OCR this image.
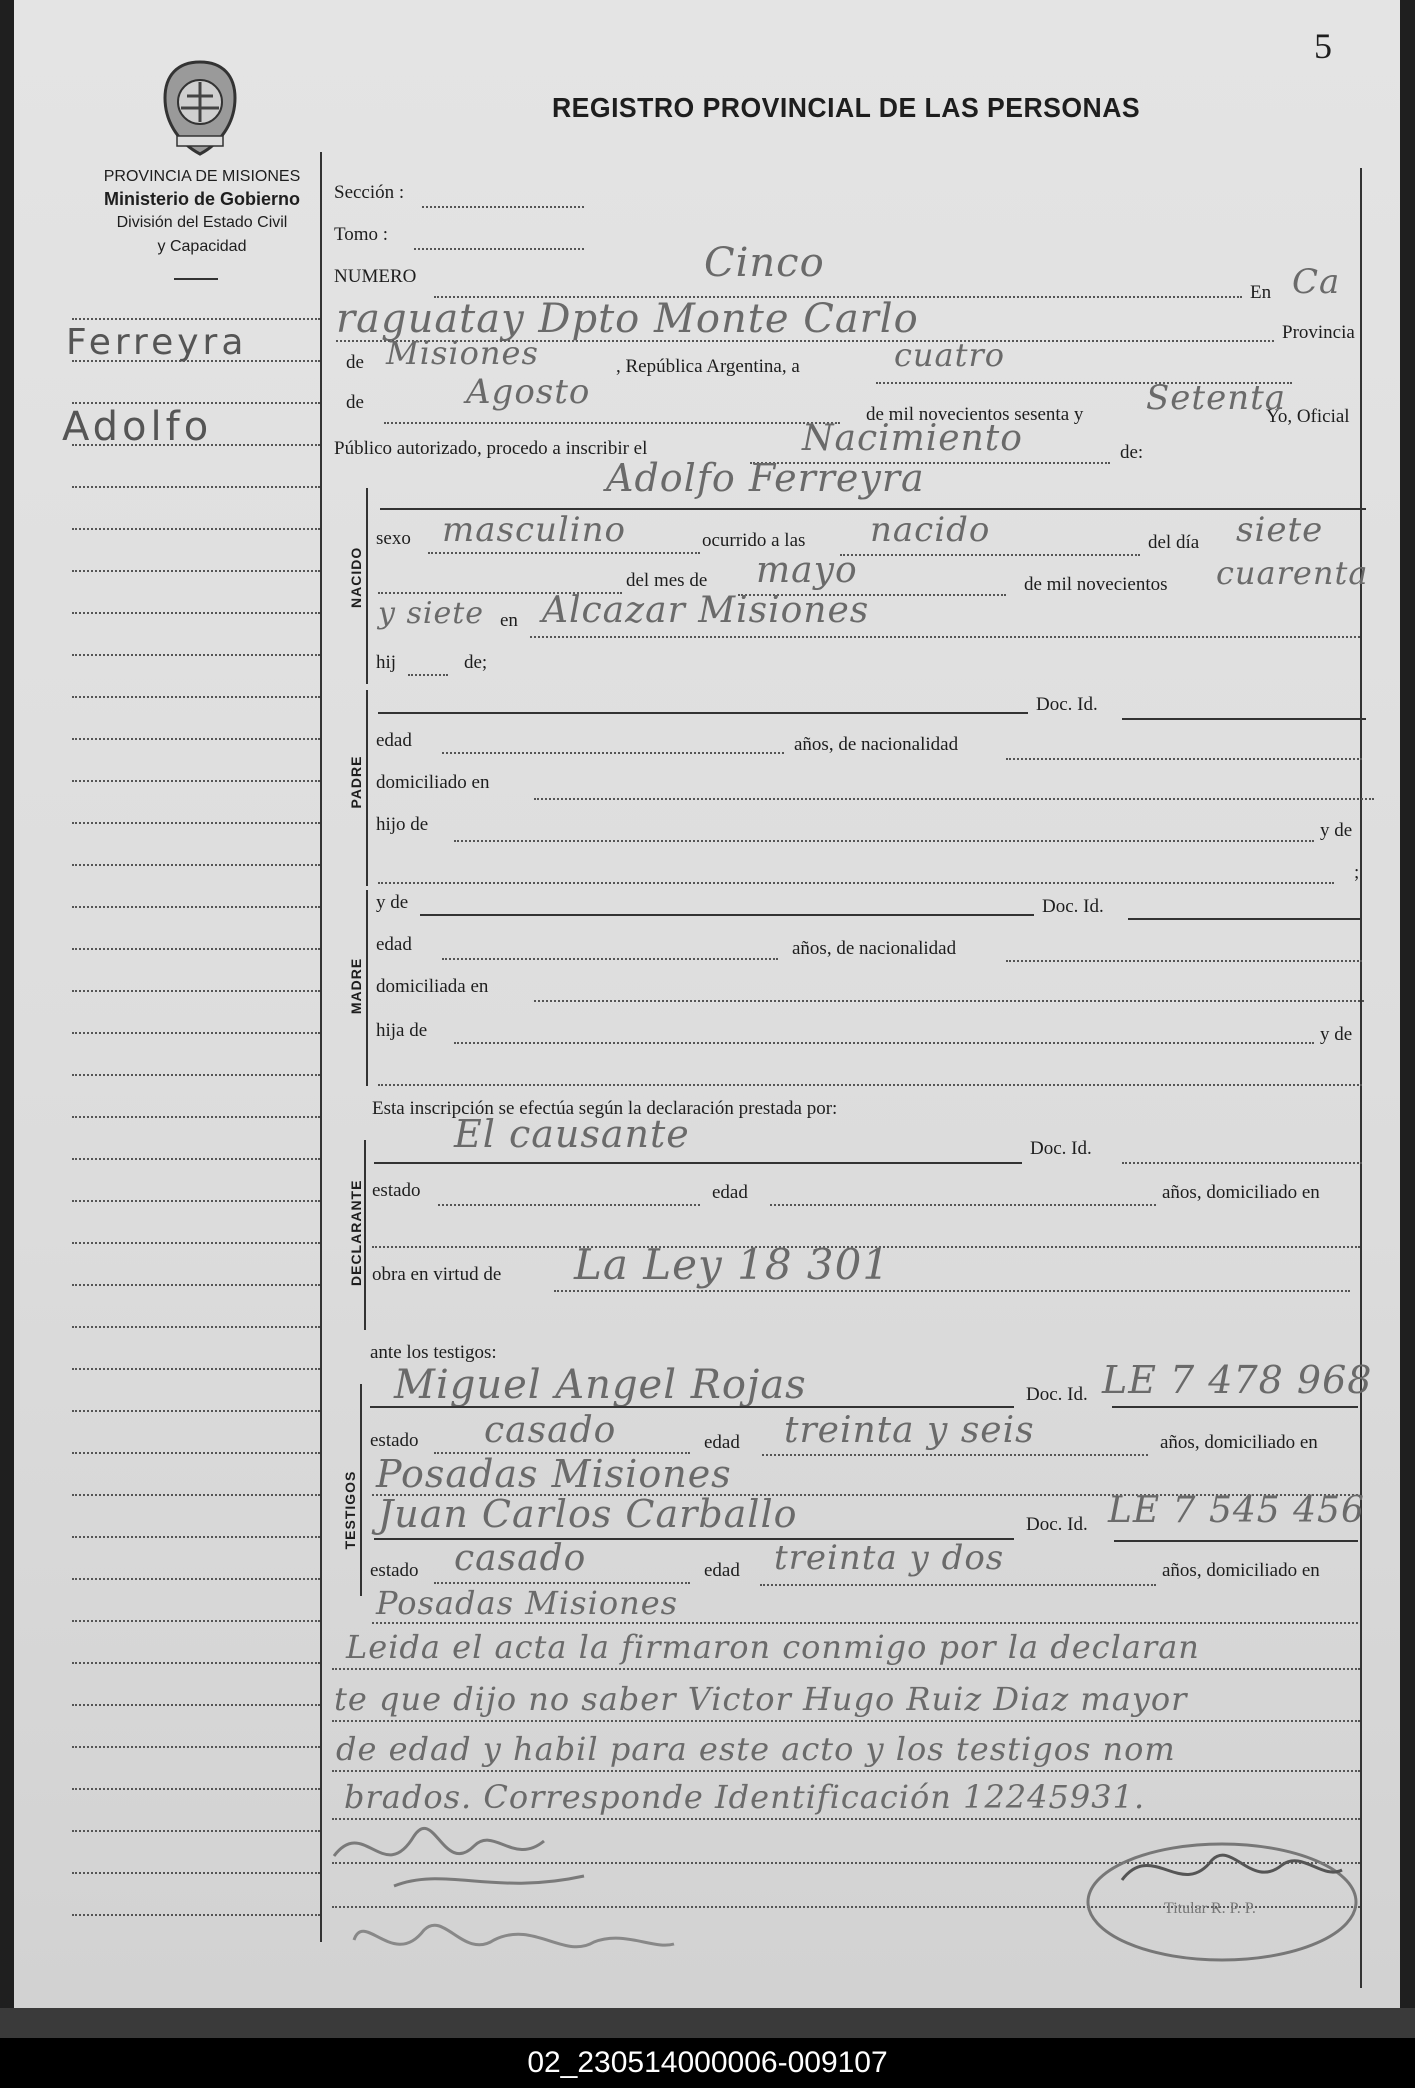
5
PROVINCIA DE MISIONES
Ministerio de Gobierno
División del Estado Civil
y Capacidad
REGISTRO PROVINCIAL DE LAS PERSONAS
Ferreyra
Adolfo
Sección :
Tomo :
NUMERO	Cinco
En Ca
raguatay Dpto Monte Carlo	Provincia
de Misiones	, República Argentina, a	cuatro
de	Agosto
de mil novecientos sesenta y Setenta
Yo, Oficial
Público autorizado, procedo a inscribir el	Nacimiento	de:
NACIDO
Adolfo Ferreyra
sexo masculino	ocurrido a las nacido	del día siete
del mes de mayo	de mil novecientos cuarenta
y siete en Alcazar Misiones
hij	de;
PADRE
Doc. Id.
edad	años, de nacionalidad
domiciliado en
hijo de	y de
;
MADRE
y de	Doc. Id.
edad	años, de nacionalidad
domiciliada en
hija de	y de
Esta inscripción se efectúa según la declaración prestada por:
DECLARANTE
El causante	Doc. Id.
estado	edad	años, domiciliado en
obra en virtud de La Ley 18 301
ante los testigos:
TESTIGOS
Miguel Angel Rojas	Doc. Id. LE 7 478 968
estado casado	edad treinta y seis	años, domiciliado en
Posadas Misiones
Juan Carlos Carballo	Doc. Id. LE 7 545 456
estado casado	edad treinta y dos	años, domiciliado en
Posadas Misiones
Leida el acta la firmaron conmigo por la declaran
te que dijo no saber Victor Hugo Ruiz Diaz mayor
de edad y habil para este acto y los testigos nom
brados. Corresponde Identificación 12245931.
Titular R. P. P.
02_230514000006-009107
